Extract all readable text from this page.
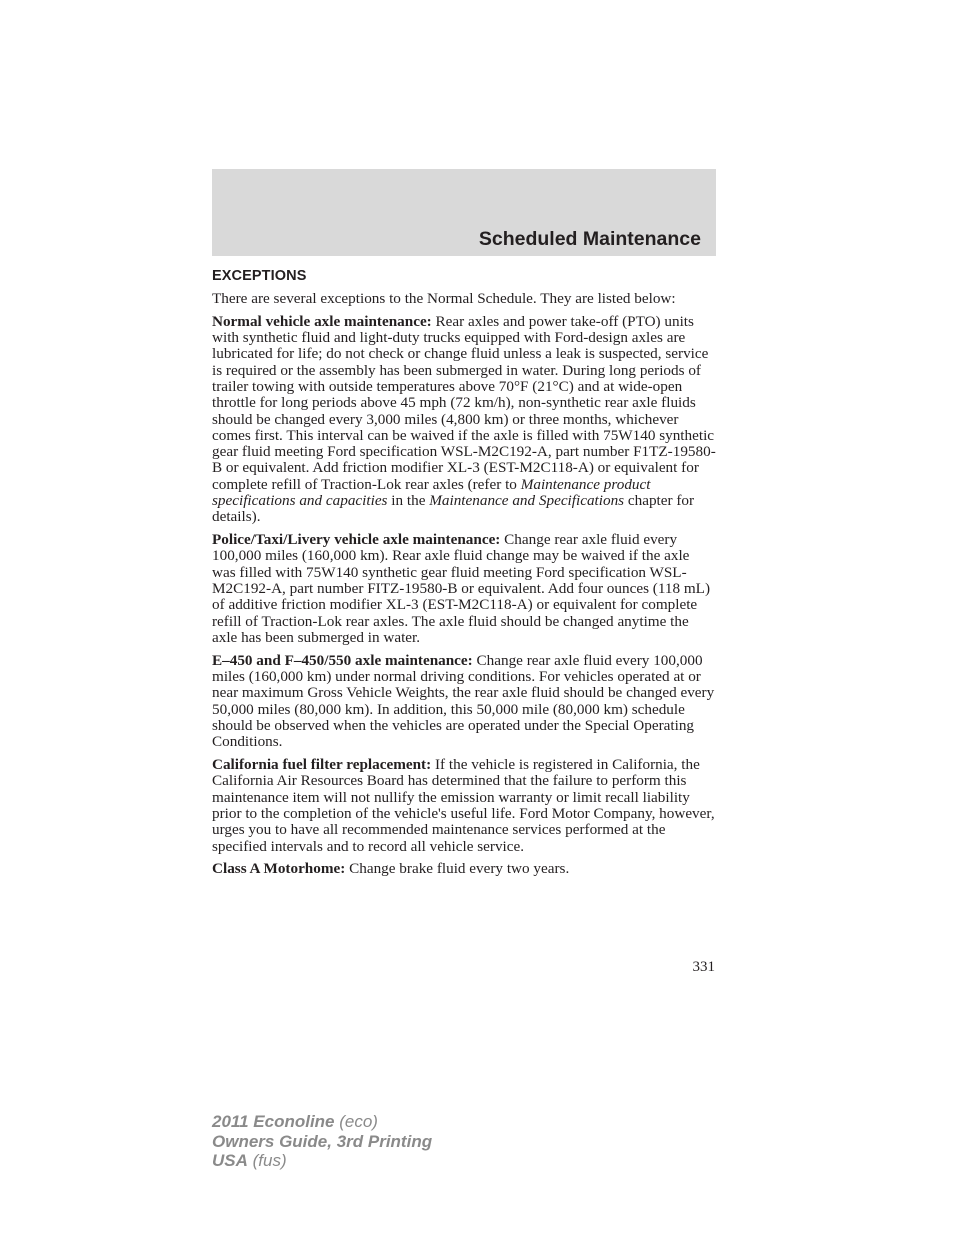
Scheduled Maintenance
EXCEPTIONS

There are several exceptions to the Normal Schedule. They are listed below:

Normal vehicle axle maintenance: Rear axles and power take-off (PTO) units with synthetic fluid and light-duty trucks equipped with Ford-design axles are lubricated for life; do not check or change fluid unless a leak is suspected, service is required or the assembly has been submerged in water. During long periods of trailer towing with outside temperatures above 70°F (21°C) and at wide-open throttle for long periods above 45 mph (72 km/h), non-synthetic rear axle fluids should be changed every 3,000 miles (4,800 km) or three months, whichever comes first. This interval can be waived if the axle is filled with 75W140 synthetic gear fluid meeting Ford specification WSL-M2C192-A, part number F1TZ-19580-B or equivalent. Add friction modifier XL-3 (EST-M2C118-A) or equivalent for complete refill of Traction-Lok rear axles (refer to Maintenance product specifications and capacities in the Maintenance and Specifications chapter for details).

Police/Taxi/Livery vehicle axle maintenance: Change rear axle fluid every 100,000 miles (160,000 km). Rear axle fluid change may be waived if the axle was filled with 75W140 synthetic gear fluid meeting Ford specification WSL-M2C192-A, part number FITZ-19580-B or equivalent. Add four ounces (118 mL) of additive friction modifier XL-3 (EST-M2C118-A) or equivalent for complete refill of Traction-Lok rear axles. The axle fluid should be changed anytime the axle has been submerged in water.

E–450 and F–450/550 axle maintenance: Change rear axle fluid every 100,000 miles (160,000 km) under normal driving conditions. For vehicles operated at or near maximum Gross Vehicle Weights, the rear axle fluid should be changed every 50,000 miles (80,000 km). In addition, this 50,000 mile (80,000 km) schedule should be observed when the vehicles are operated under the Special Operating Conditions.

California fuel filter replacement: If the vehicle is registered in California, the California Air Resources Board has determined that the failure to perform this maintenance item will not nullify the emission warranty or limit recall liability prior to the completion of the vehicle's useful life. Ford Motor Company, however, urges you to have all recommended maintenance services performed at the specified intervals and to record all vehicle service.

Class A Motorhome: Change brake fluid every two years.

331
2011 Econoline (eco)
Owners Guide, 3rd Printing
USA (fus)
